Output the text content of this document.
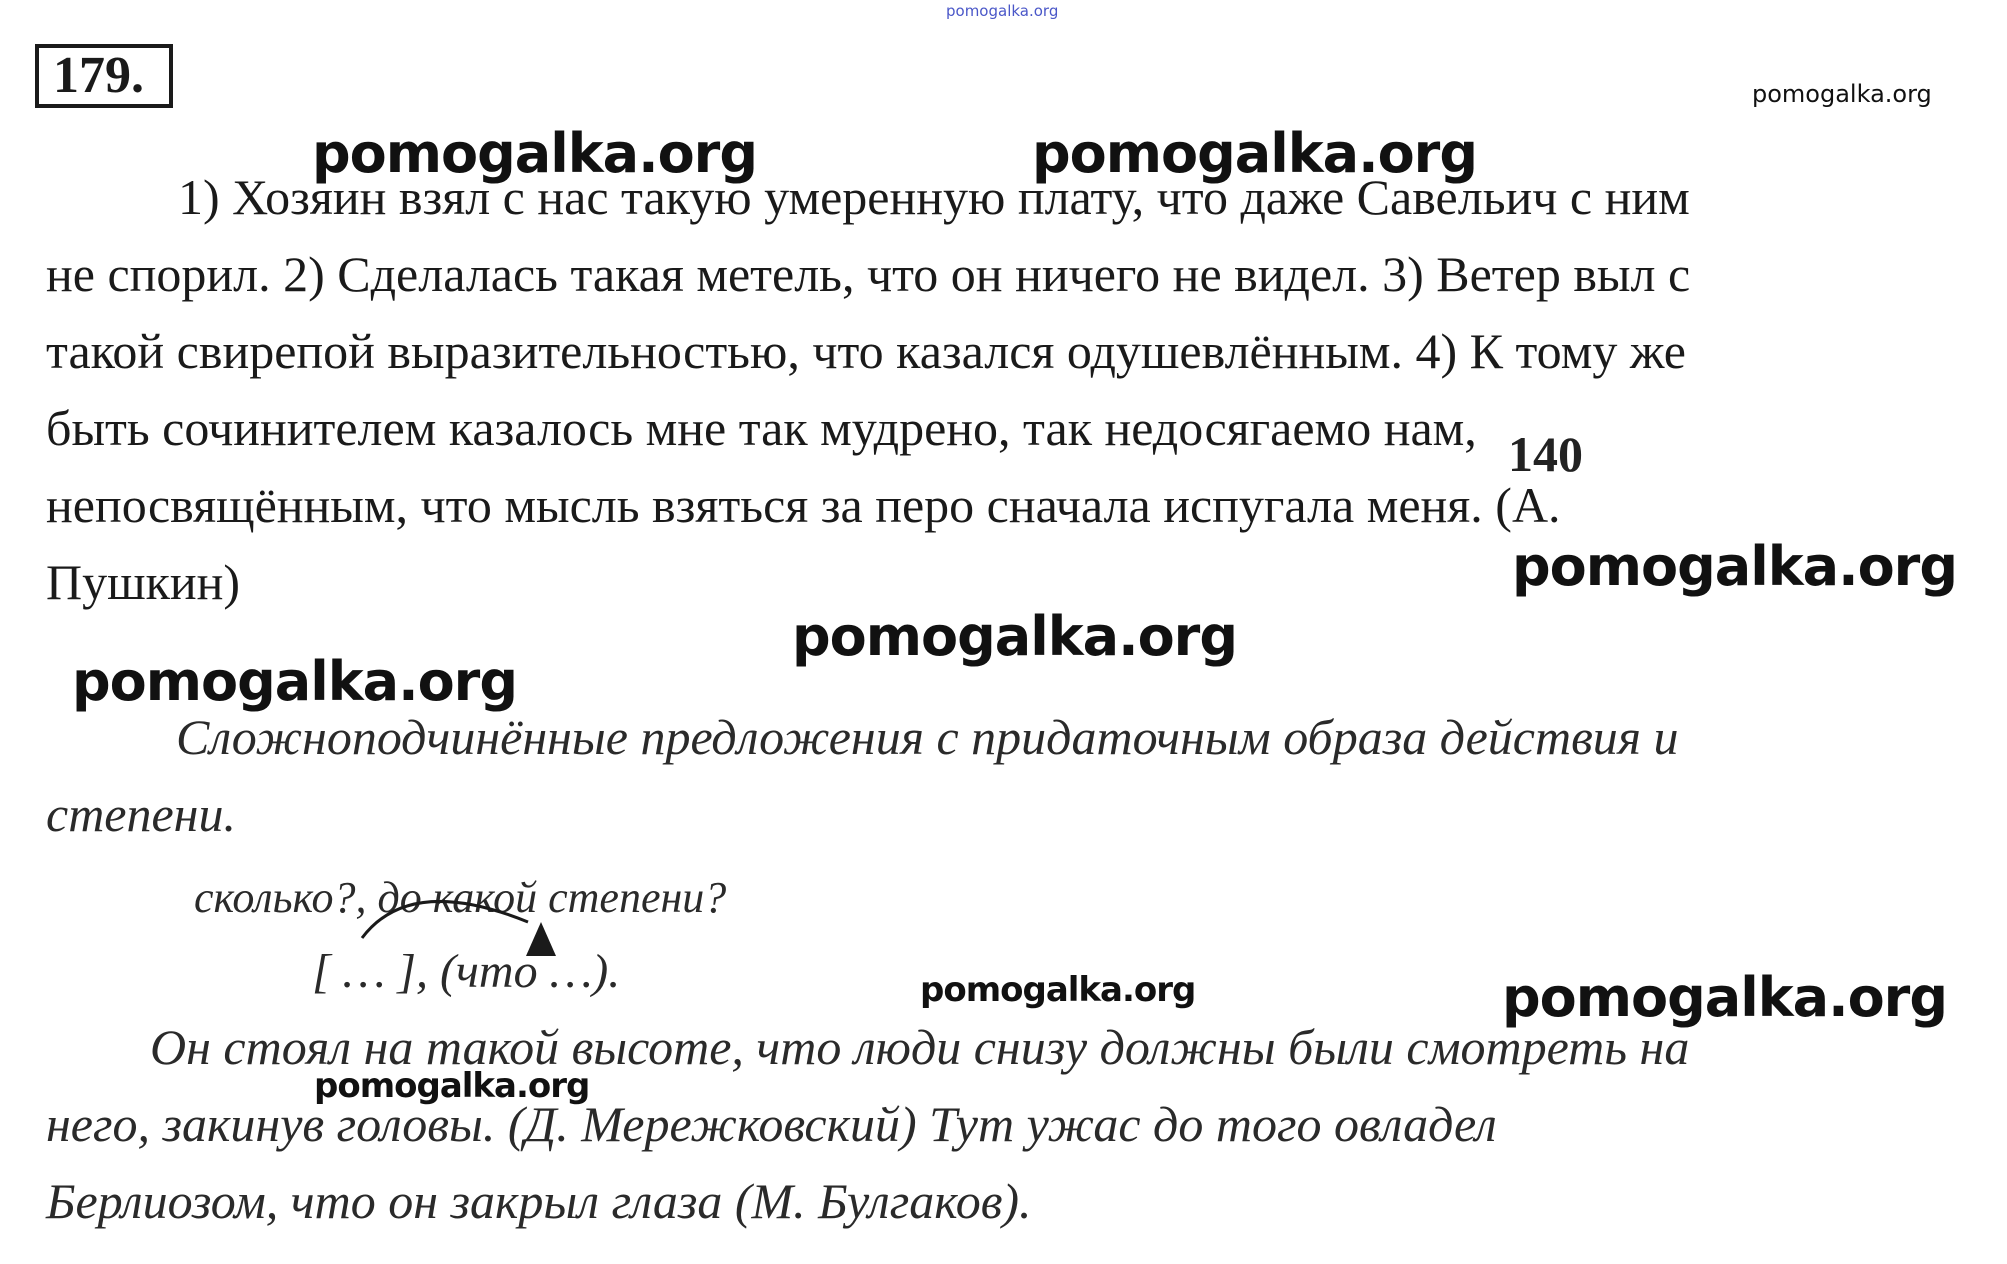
179.
pomogalka.org
pomogalka.org
1) Хозяин взял с нас такую умеренную плату, что даже Савельич с ним
не спорил. 2) Сделалась такая метель, что он ничего не видел. 3) Ветер выл с
такой свирепой выразительностью, что казался одушевлённым. 4) К тому же
быть сочинителем казалось мне так мудрено, так недосягаемо нам,
непосвящённым, что мысль взяться за перо сначала испугала меня. (А.
Пушкин)
140
pomogalka.org	pomogalka.org
pomogalka.org
pomogalka.org
pomogalka.org
Сложноподчинённые предложения с придаточным образа действия и
степени.
сколько?, до какой степени?
[ … ], (что …).	pomogalka.org	pomogalka.org
Он стоял на такой высоте, что люди снизу должны были смотреть на
pomogalka.org
него, закинув головы. (Д. Мережковский) Тут ужас до того овладел
Берлиозом, что он закрыл глаза (М. Булгаков).
